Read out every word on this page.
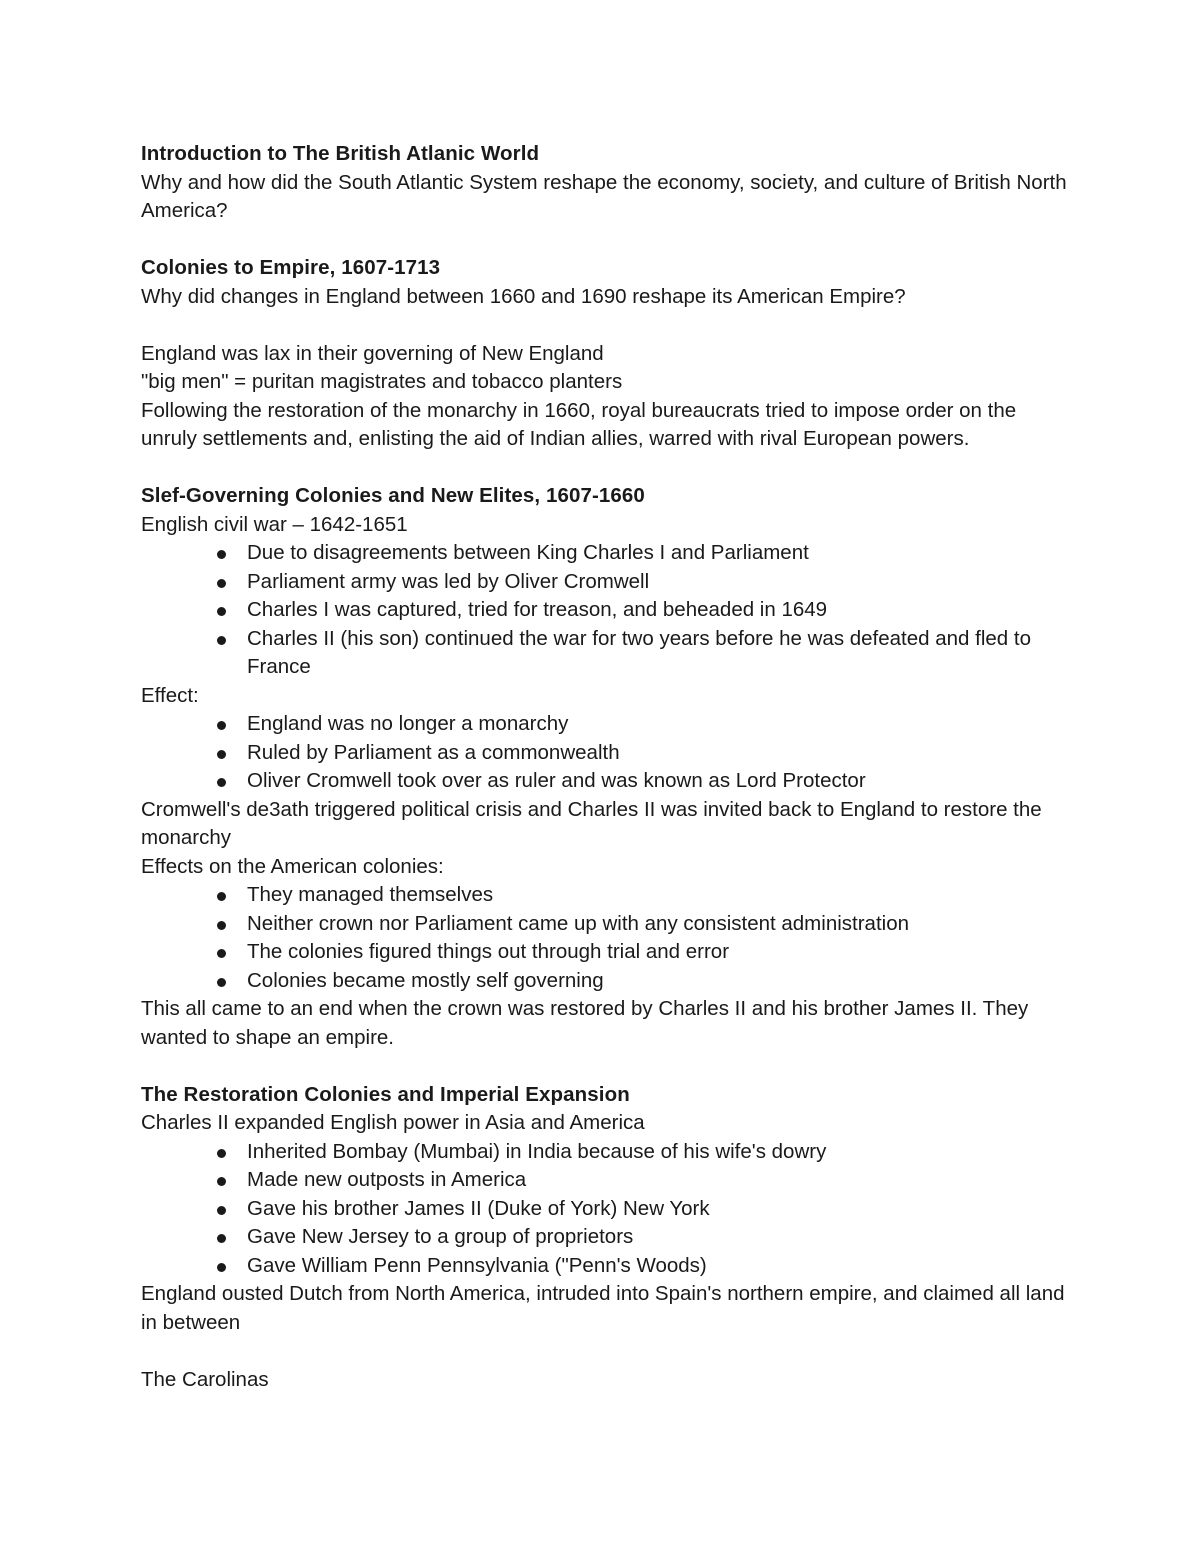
Introduction to The British Atlanic World

Why and how did the South Atlantic System reshape the economy, society, and culture of British North America?

Colonies to Empire, 1607-1713

Why did changes in England between 1660 and 1690 reshape its American Empire?

England was lax in their governing of New England

"big men" = puritan magistrates and tobacco planters

Following the restoration of the monarchy in 1660, royal bureaucrats tried to impose order on the unruly settlements and, enlisting the aid of Indian allies, warred with rival European powers.

Slef-Governing Colonies and New Elites, 1607-1660

English civil war – 1642-1651

Due to disagreements between King Charles I and Parliament
Parliament army was led by Oliver Cromwell
Charles I was captured, tried for treason, and beheaded in 1649
Charles II (his son) continued the war for two years before he was defeated and fled to France

Effect:

England was no longer a monarchy
Ruled by Parliament as a commonwealth
Oliver Cromwell took over as ruler and was known as Lord Protector

Cromwell's de3ath triggered political crisis and Charles II was invited back to England to restore the monarchy

Effects on the American colonies:

They managed themselves
Neither crown nor Parliament came up with any consistent administration
The colonies figured things out through trial and error
Colonies became mostly self governing

This all came to an end when the crown was restored by Charles II and his brother James II. They wanted to shape an empire.

The Restoration Colonies and Imperial Expansion

Charles II expanded English power in Asia and America

Inherited Bombay (Mumbai) in India because of his wife's dowry
Made new outposts in America
Gave his brother James II (Duke of York) New York
Gave New Jersey to a group of proprietors
Gave William Penn Pennsylvania ("Penn's Woods)

England ousted Dutch from North America, intruded into Spain's northern empire, and claimed all land in between

The Carolinas
